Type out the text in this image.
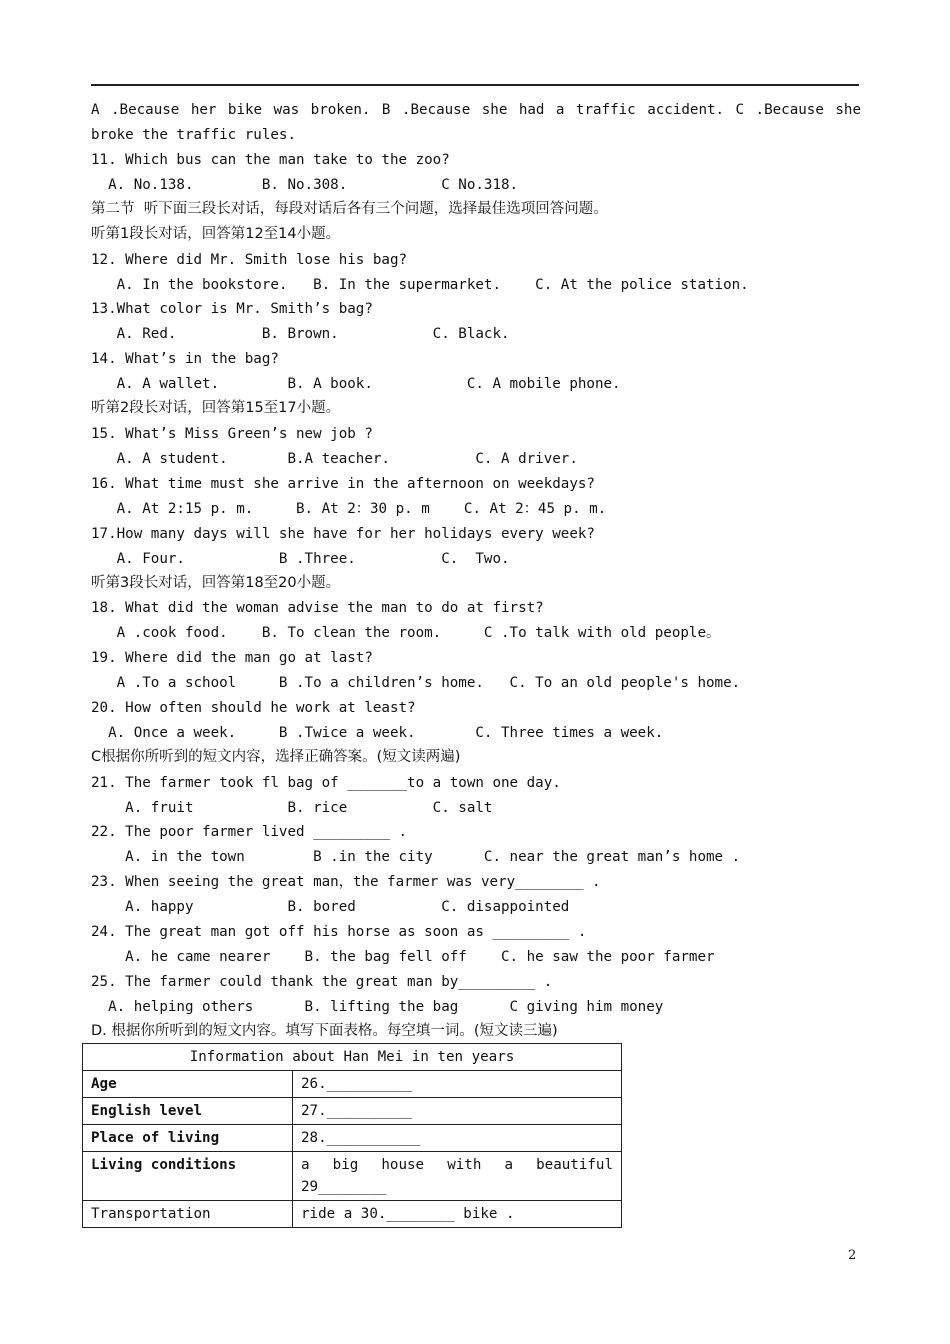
A .Because her bike was broken. B .Because she had a traffic accident. C .Because she
broke the traffic rules.
11. Which bus can the man take to the zoo?
A. No.138.        B. No.308.           C No.318.
第二节  听下面三段长对话，每段对话后各有三个问题，选择最佳选项回答问题。
听第1段长对话，回答第12至14小题。
12. Where did Mr. Smith lose his bag?
A. In the bookstore.   B. In the supermarket.    C. At the police station.
13.What color is Mr. Smith’s bag?
A. Red.          B. Brown.           C. Black.
14. What’s in the bag?
A. A wallet.        B. A book.           C. A mobile phone.
听第2段长对话，回答第15至17小题。
15. What’s Miss Green’s new job ?
A. A student.       B.A teacher.          C. A driver.
16. What time must she arrive in the afternoon on weekdays?
A. At 2:15 p. m.     B. At 2：30 p. m    C. At 2：45 p. m.
17.How many days will she have for her holidays every week?
A. Four.           B .Three.          C.  Two.
听第3段长对话，回答第18至20小题。
18. What did the woman advise the man to do at first?
A .cook food.    B. To clean the room.     C .To talk with old people。
19. Where did the man go at last?
A .To a school     B .To a children’s home.   C. To an old people's home.
20. How often should he work at least?
A. Once a week.     B .Twice a week.       C. Three times a week.
C根据你所听到的短文内容，选择正确答案。(短文读两遍)
21. The farmer took fl bag of _______to a town one day.
A. fruit           B. rice          C. salt
22. The poor farmer lived _________ .
A. in the town        B .in the city      C. near the great man’s home .
23. When seeing the great man，the farmer was very________ .
A. happy           B. bored          C. disappointed
24. The great man got off his horse as soon as _________ .
A. he came nearer    B. the bag fell off    C. he saw the poor farmer
25. The farmer could thank the great man by_________ .
A. helping others      B. lifting the bag      C giving him money
D. 根据你所听到的短文内容。填写下面表格。每空填一词。(短文读三遍)
Information about Han Mei in ten years	
Age	26.__________
English level	27.__________
Place of living	28.___________
Living conditions	a big house with a beautiful
29________

Transportation	ride a 30.________ bike .
2
